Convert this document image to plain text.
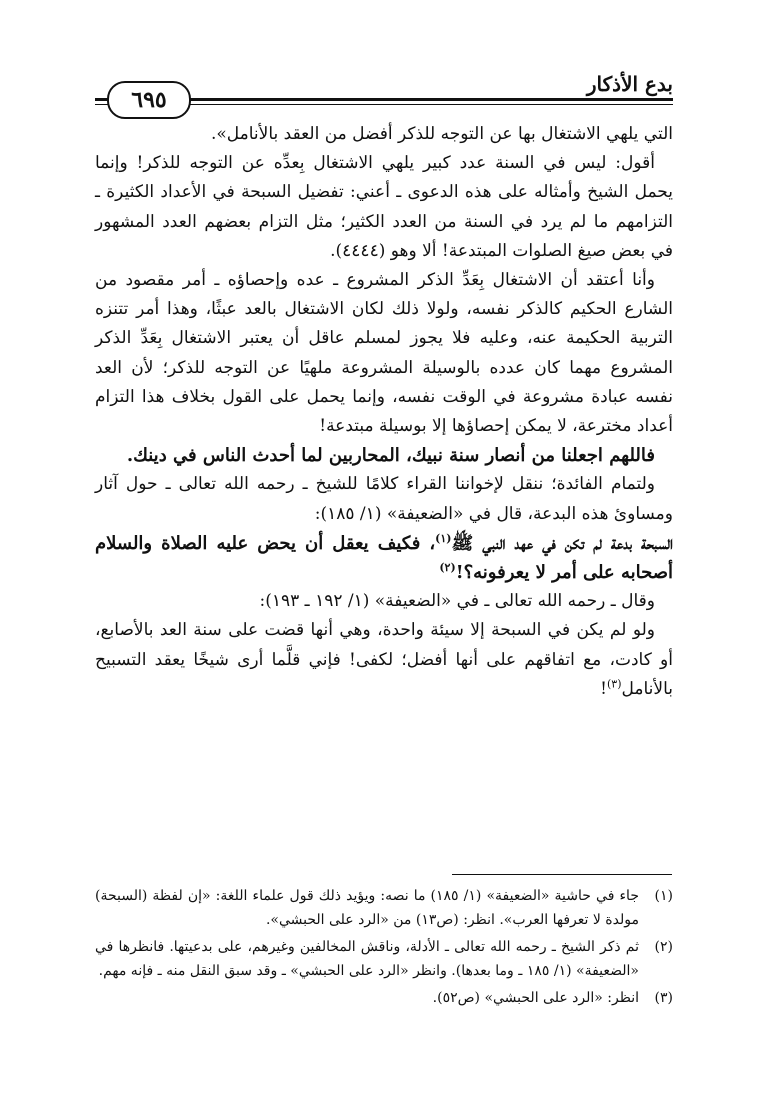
بدع الأذكار
٦٩٥

التي يلهي الاشتغال بها عن التوجه للذكر أفضل من العقد بالأنامل».

أقول: ليس في السنة عدد كبير يلهي الاشتغال بِعدِّه عن التوجه للذكر! وإنما يحمل الشيخ وأمثاله على هذه الدعوى ـ أعني: تفضيل السبحة في الأعداد الكثيرة ـ التزامهم ما لم يرد في السنة من العدد الكثير؛ مثل التزام بعضهم العدد المشهور في بعض صيغ الصلوات المبتدعة! ألا وهو (٤٤٤٤).

وأنا أعتقد أن الاشتغال بِعَدِّ الذكر المشروع ـ عده وإحصاؤه ـ أمر مقصود من الشارع الحكيم كالذكر نفسه، ولولا ذلك لكان الاشتغال بالعد عبثًا، وهذا أمر تتنزه التربية الحكيمة عنه، وعليه فلا يجوز لمسلم عاقل أن يعتبر الاشتغال بِعَدِّ الذكر المشروع مهما كان عدده بالوسيلة المشروعة ملهيًا عن التوجه للذكر؛ لأن العد نفسه عبادة مشروعة في الوقت نفسه، وإنما يحمل على القول بخلاف هذا التزام أعداد مخترعة، لا يمكن إحصاؤها إلا بوسيلة مبتدعة!

فاللهم اجعلنا من أنصار سنة نبيك، المحاربين لما أحدث الناس في دينك.

ولتمام الفائدة؛ ننقل لإخواننا القراء كلامًا للشيخ ـ رحمه الله تعالى ـ حول آثار ومساوئ هذه البدعة، قال في «الضعيفة» (١/ ١٨٥):

السبحة بدعة لم تكن في عهد النبي ﷺ$^{(١)}$، فكيف يعقل أن يحض عليه الصلاة والسلام أصحابه على أمر لا يعرفونه؟!$^{(٢)}$

وقال ـ رحمه الله تعالى ـ في «الضعيفة» (١/ ١٩٢ ـ ١٩٣):

ولو لم يكن في السبحة إلا سيئة واحدة، وهي أنها قضت على سنة العد بالأصابع، أو كادت، مع اتفاقهم على أنها أفضل؛ لكفى! فإني قلَّما أرى شيخًا يعقد التسبيح بالأنامل$^{(٣)}$!

(١)
جاء في حاشية «الضعيفة» (١/ ١٨٥) ما نصه: ويؤيد ذلك قول علماء اللغة: «إن لفظة (السبحة) مولدة لا تعرفها العرب». انظر: (ص١٣) من «الرد على الحبشي».
(٢)
ثم ذكر الشيخ ـ رحمه الله تعالى ـ الأدلة، وناقش المخالفين وغيرهم، على بدعيتها. فانظرها في «الضعيفة» (١/ ١٨٥ ـ وما بعدها). وانظر «الرد على الحبشي» ـ وقد سبق النقل منه ـ فإنه مهم.
(٣)
انظر: «الرد على الحبشي» (ص٥٢).
